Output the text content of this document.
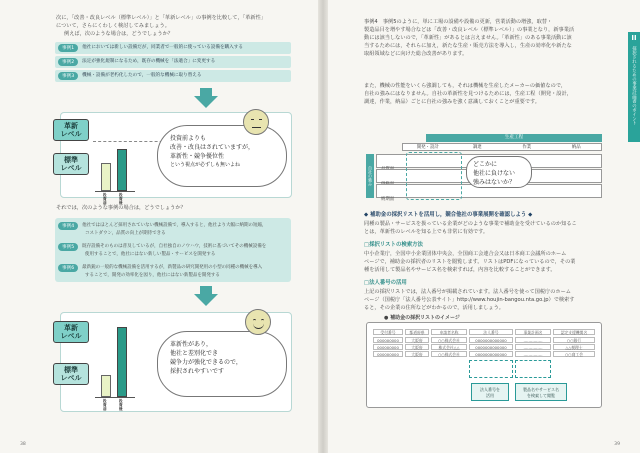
次に，「改善・改良レベル（標準レベル）」と「革新レベル」の事例を比較して，「革新性」
について，さらにくわしく検討してみましょう。
例えば，次のような場合は，どうでしょうか？
事例1	他社においては新しい設備だが，同業者で一般的に使っている設備を購入する
事例2	法定が強化規制になるため，既存の機械を「法適合」に変更する
事例3	機械・設備が老朽化したので，一般的な機械に取り替える
革新
レベル
標準
レベル
投
資
前
投
資
後
投資前よりも
改善・改良はされていますが，
革新性・競争優位性
という視点が必ずしも無いよね
それでは，次のような事例の場合は，どうでしょうか？
事例4	他社ではほとんど採用されていない機械設備で，導入すると，他社より大幅に納期の短縮，
コストダウン，品質の向上が期待できる
事例5	既存設備そのものは普及しているが，自社独自のノウハウ，技術に基づいてその機械設備を
使用することで，他社にはない新しい製品・サービスを開発する
事例6	最新鋭の一般的な機械設備を活用するが，新製品の研究開発用の小型の同種の機械を導入
することで，開発の効率化を図り，他社にはない新製品を開発する
革新
レベル
標準
レベル
投
資
前
投
資
後
革新性があり，
他社と差別化でき
競争力が強化できるので，
採択されやすいです
38
II
採択されるための事業計画書のポイント
事例4　事例5のように，単に工場の設備や設備の更新，営業活動の増強，取替・
製造品目を増やす場合などは「改善・改良レベル（標準レベル）」の事業となり，新事業活
動には該当しないので，「革新性」があるとは言えません。「革新性」のある事業活動に該
当するためには，それらに加え，新たな生産・販売方法を導入し，生産の効率化や新たな
取組領域などに向けた総合改善があります。
また，機械の性能をいくら強調しても，それは機械を生産したメーカーの価値なので，
自社の強みにはなりません。自社の革新性を見つけるためには，生産工程（開発・設計，
調達，作業，納品）ごとに自社の強みを強く意識しておくことが重要です。
生産工程
開発・設計	調達	作業	納品
自社の強み
納期面
どこかに
他社に負けない
強みはないか？
◆ 補助金の採択リストを活用し，競合他社の事業展開を確認しよう ◆
同種の製品・サービスを扱っている企業がどのような事業で補助金を受けているのか知るこ
とは，革新性のレベルを知る上でも非常に有効です。
□採択リストの検索方法
中小企業庁，全国中小企業団体中央会，全国商工会連合会又は日本商工会議所のホーム
ページで，補助金の採択者のリストを閲覧します。リストはPDFになっているので，その業
種を活用して製品名やサービス名を検索すれば，内容を比較することができます。
□法人番号の活用
上記の採択リストでは，法人番号が掲載されています。法人番号を使って国税庁のホーム
ページ（国税庁「法人番号公表サイト」http://www.houjin-bangou.nta.go.jp）で検索す
ると，その企業の住所などがわかるので，活用しましょう。
● 補助金の採択リストのイメージ
受付番号	都道府県	申請者名称	法人番号	事業計画名	認定支援機関名
000000000	大阪府	○○株式会社	0000000000000	……………	○○銀行
000000000	大阪府	株式会社△△	0000000000000	……………	△△税理士
000000000	大阪府	○○株式会社	0000000000000	……………	○○商工会
法人番号を
活用
製品名やサービス名
を検索して閲覧
39
